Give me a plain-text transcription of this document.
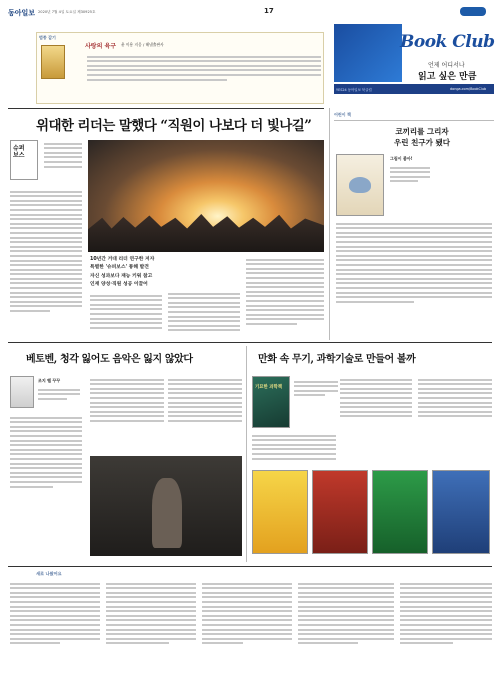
동아일보 2020년 7월 4일 토요일 제30925호	17
범종 같기
사랑의 육구 윤 이용 지음 / 해냄출판사	Book Club
언제 어디서나
읽고 싶은 만큼
YES24 동아일보 북클럽	donga.com/BookClub
위대한 리더는 말했다 “직원이 나보다 더 빛나길”
슈퍼
보스
10년간 거대 리더 연구한 저자
특별한 '슈퍼보스' 통해 발견
자신 성과보다 재능 키워 참고
인재 양성·직원 성공 이끌어
어린이 책
코끼리를 그리자
우린 친구가 됐다
그림이 좋아!
베토벤, 청각 잃어도 음악은 잃지 않았다
조지 벨 꾸꾸
만화 속 무기, 과학기술로 만들어 볼까
기묘한 과학책
새로 나왔어요
